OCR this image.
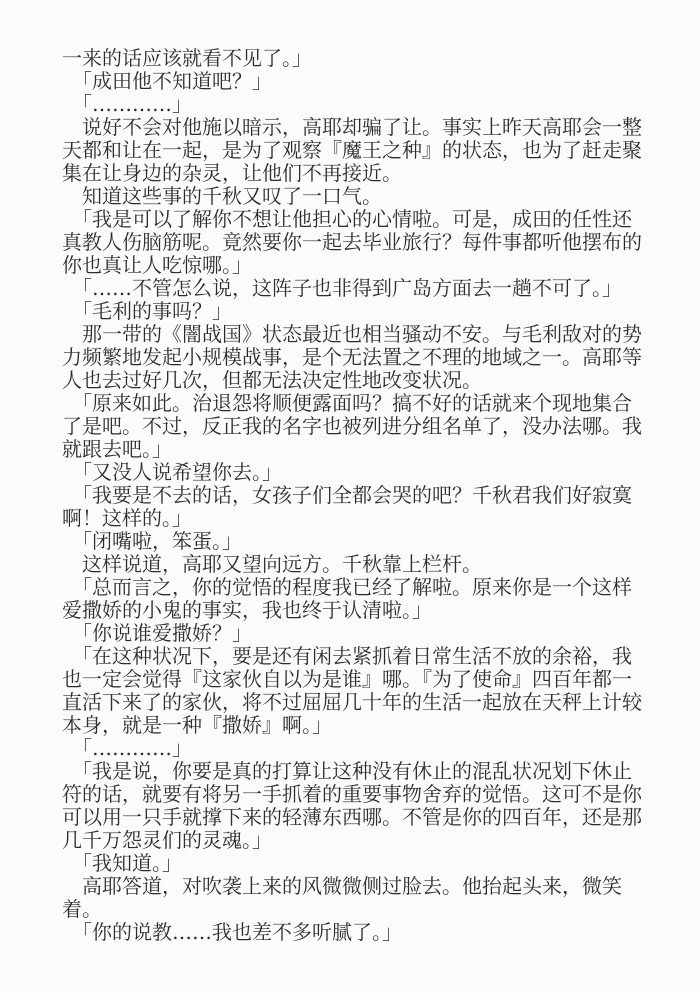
一来的话应该就看不见了。」
　「成田他不知道吧？」
　「…………」
　说好不会对他施以暗示，高耶却骗了让。事实上昨天高耶会一整
天都和让在一起，是为了观察『魔王之种』的状态，也为了赶走聚
集在让身边的杂灵，让他们不再接近。
　知道这些事的千秋又叹了一口气。
　「我是可以了解你不想让他担心的心情啦。可是，成田的任性还
真教人伤脑筋呢。竟然要你一起去毕业旅行？每件事都听他摆布的
你也真让人吃惊哪。」
　「……不管怎么说，这阵子也非得到广岛方面去一趟不可了。」
　「毛利的事吗？」
　那一带的《闇战国》状态最近也相当骚动不安。与毛利敌对的势
力频繁地发起小规模战事，是个无法置之不理的地域之一。高耶等
人也去过好几次，但都无法决定性地改变状况。
　「原来如此。治退怨将顺便露面吗？搞不好的话就来个现地集合
了是吧。不过，反正我的名字也被列进分组名单了，没办法哪。我
就跟去吧。」
　「又没人说希望你去。」
　「我要是不去的话，女孩子们全都会哭的吧？千秋君我们好寂寞
啊！这样的。」
　「闭嘴啦，笨蛋。」
　这样说道，高耶又望向远方。千秋靠上栏杆。
　「总而言之，你的觉悟的程度我已经了解啦。原来你是一个这样
爱撒娇的小鬼的事实，我也终于认清啦。」
　「你说谁爱撒娇？」
　「在这种状况下，要是还有闲去紧抓着日常生活不放的余裕，我
也一定会觉得『这家伙自以为是谁』哪。『为了使命』四百年都一
直活下来了的家伙，将不过屈屈几十年的生活一起放在天秤上计较
本身，就是一种『撒娇』啊。」
　「…………」
　「我是说，你要是真的打算让这种没有休止的混乱状况划下休止
符的话，就要有将另一手抓着的重要事物舍弃的觉悟。这可不是你
可以用一只手就撑下来的轻薄东西哪。不管是你的四百年，还是那
几千万怨灵们的灵魂。」
　「我知道。」
　高耶答道，对吹袭上来的风微微侧过脸去。他抬起头来，微笑
着。
　「你的说教……我也差不多听腻了。」
